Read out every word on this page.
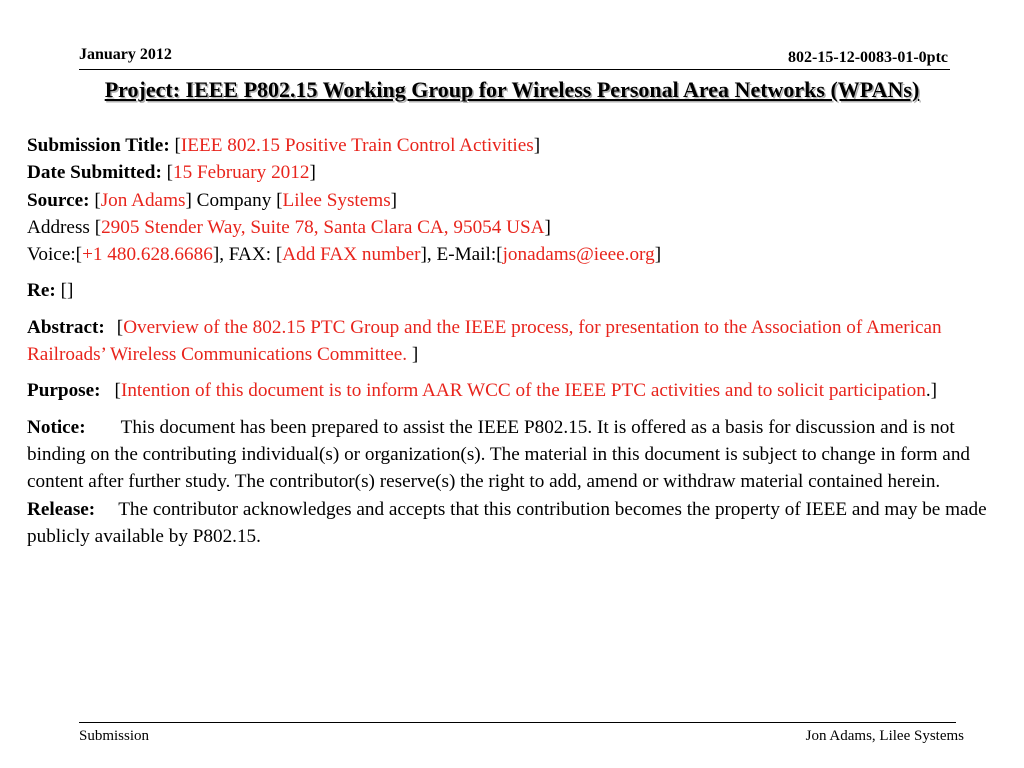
January 2012	802-15-12-0083-01-0ptc
Project: IEEE P802.15 Working Group for Wireless Personal Area Networks (WPANs)
Submission Title: [IEEE 802.15 Positive Train Control Activities]
Date Submitted: [15 February 2012]
Source: [Jon Adams] Company [Lilee Systems]
Address [2905 Stender Way, Suite 78, Santa Clara CA, 95054 USA]
Voice:[+1 480.628.6686], FAX: [Add FAX number], E-Mail:[jonadams@ieee.org]
Re: []
Abstract: [Overview of the 802.15 PTC Group and the IEEE process, for presentation to the Association of American Railroads’ Wireless Communications Committee. ]
Purpose: [Intention of this document is to inform AAR WCC of the IEEE PTC activities and to solicit participation.]
Notice: This document has been prepared to assist the IEEE P802.15. It is offered as a basis for discussion and is not binding on the contributing individual(s) or organization(s). The material in this document is subject to change in form and content after further study. The contributor(s) reserve(s) the right to add, amend or withdraw material contained herein.
Release: The contributor acknowledges and accepts that this contribution becomes the property of IEEE and may be made publicly available by P802.15.
Submission	Jon Adams, Lilee Systems
